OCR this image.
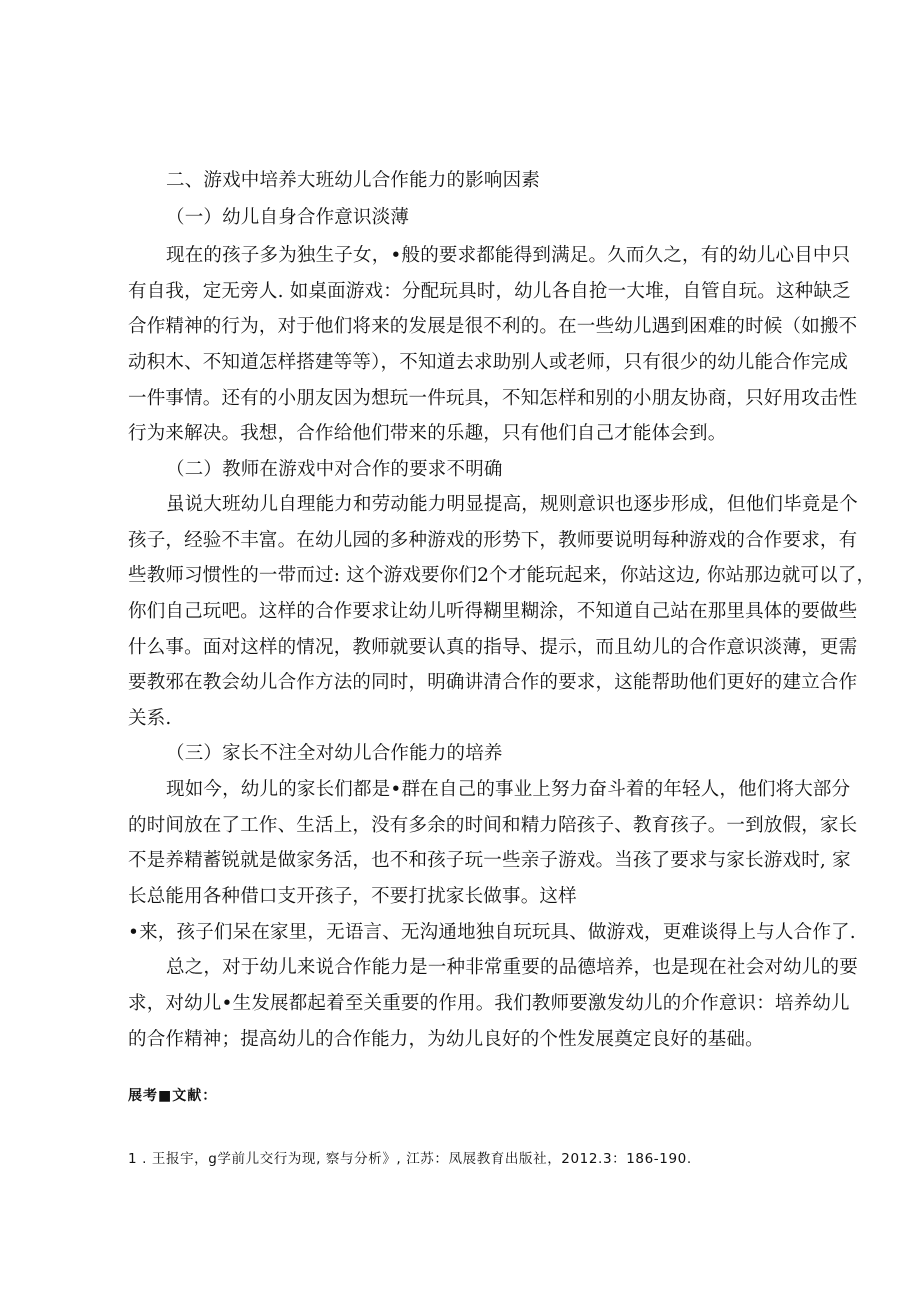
二、游戏中培养大班幼儿合作能力的影响因素
（一）幼儿自身合作意识淡薄
现在的孩子多为独生子女，•般的要求都能得到满足。久而久之，有的幼儿心目中只
有自我，定无旁人. 如桌面游戏：分配玩具时，幼儿各自抢一大堆，自管自玩。这种缺乏
合作精神的行为，对于他们将来的发展是很不利的。在一些幼儿遇到困难的时候（如搬不
动积木、不知道怎样搭建等等），不知道去求助别人或老师，只有很少的幼儿能合作完成
一件事情。还有的小朋友因为想玩一件玩具，不知怎样和别的小朋友协商，只好用攻击性
行为来解决。我想，合作给他们带来的乐趣，只有他们自己才能体会到。
（二）教师在游戏中对合作的要求不明确
虽说大班幼儿自理能力和劳动能力明显提高，规则意识也逐步形成，但他们毕竟是个
孩子，经验不丰富。在幼儿园的多种游戏的形势下，教师要说明每种游戏的合作要求，有
些教师习惯性的一带而过: 这个游戏要你们2个才能玩起来，你站这边, 你站那边就可以了，
你们自己玩吧。这样的合作要求让幼儿听得糊里糊涂，不知道自己站在那里具体的要做些
什么事。面对这样的情况，教师就要认真的指导、提示，而且幼儿的合作意识淡薄，更需
要教邪在教会幼儿合作方法的同时，明确讲清合作的要求，这能帮助他们更好的建立合作
关系.
（三）家长不注全对幼儿合作能力的培养
现如今，幼儿的家长们都是•群在自己的事业上努力奋斗着的年轻人，他们将大部分
的时间放在了工作、生活上，没有多余的时间和精力陪孩子、教育孩子。一到放假，家长
不是养精蓄锐就是做家务活，也不和孩子玩一些亲子游戏。当孩了要求与家长游戏时, 家
长总能用各种借口支开孩子，不要打扰家长做事。这样
•来，孩子们呆在家里，无语言、无沟通地独自玩玩具、做游戏，更难谈得上与人合作了.
总之，对于幼儿来说合作能力是一种非常重要的品德培养，也是现在社会对幼儿的要
求，对幼儿•生发展都起着至关重要的作用。我们教师要激发幼儿的介作意识：培养幼儿
的合作精神；提高幼儿的合作能力，为幼儿良好的个性发展奠定良好的基础。
展考■文献：
1 . 王报宇，g学前儿交行为现, 察与分析》, 江苏：凤展教育出版社，2012.3：186-190.
